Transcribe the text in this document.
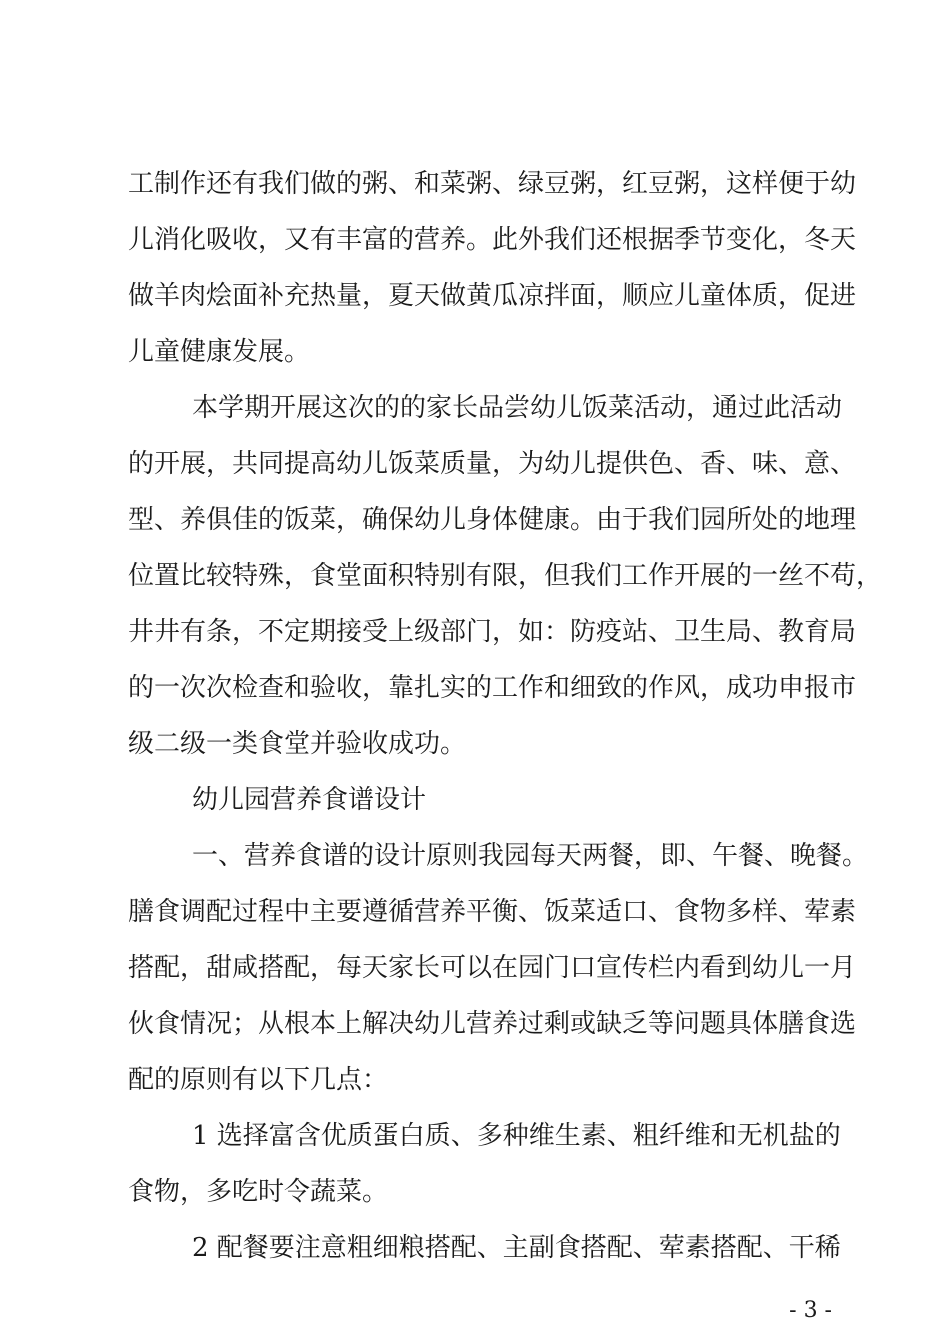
工制作还有我们做的粥、和菜粥、绿豆粥，红豆粥，这样便于幼
儿消化吸收，又有丰富的营养。此外我们还根据季节变化，冬天
做羊肉烩面补充热量，夏天做黄瓜凉拌面，顺应儿童体质，促进
儿童健康发展。
本学期开展这次的的家长品尝幼儿饭菜活动，通过此活动
的开展，共同提高幼儿饭菜质量，为幼儿提供色、香、味、意、
型、养俱佳的饭菜，确保幼儿身体健康。由于我们园所处的地理
位置比较特殊，食堂面积特别有限，但我们工作开展的一丝不苟，
井井有条，不定期接受上级部门，如：防疫站、卫生局、教育局
的一次次检查和验收，靠扎实的工作和细致的作风，成功申报市
级二级一类食堂并验收成功。
幼儿园营养食谱设计
一、营养食谱的设计原则我园每天两餐，即、午餐、晚餐。
膳食调配过程中主要遵循营养平衡、饭菜适口、食物多样、荤素
搭配，甜咸搭配，每天家长可以在园门口宣传栏内看到幼儿一月
伙食情况；从根本上解决幼儿营养过剩或缺乏等问题具体膳食选
配的原则有以下几点：
1 选择富含优质蛋白质、多种维生素、粗纤维和无机盐的
食物，多吃时令蔬菜。
2 配餐要注意粗细粮搭配、主副食搭配、荤素搭配、干稀
- 3 -
